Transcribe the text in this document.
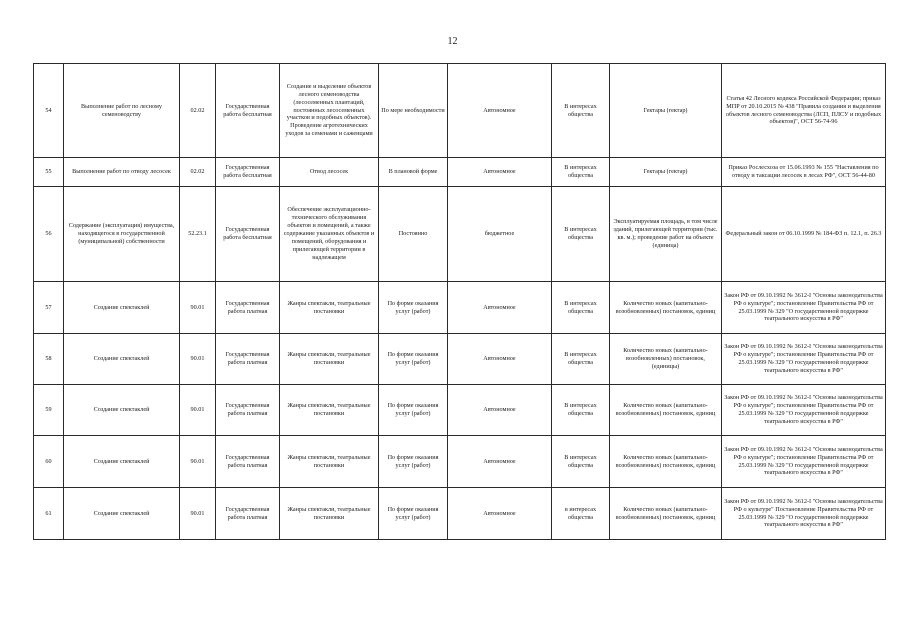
12
54	Выполнение работ по лесному семеноводству	02.02	Государственная работа бесплатная	Создание и выделение объектов лесного семеноводства (лесосеменных плантаций, постоянных лесосеменных участков и подобных объектов). Проведение агротехнических уходов за семенами и саженцами	По мере необходимости	Автономное	В интересах общества	Гектары (гектар)	Статья 42 Лесного кодекса Российской Федерации; приказ МПР от 20.10.2015 № 438 "Правила создания и выделения объектов лесного семеноводства (ЛСП, ПЛСУ и подобных объектов)", ОСТ 56-74-96
55	Выполнение работ по отводу лесосек	02.02	Государственная работа бесплатная	Отвод лесосек	В плановой форме	Автономное	В интересах общества	Гектары (гектар)	Приказ Рослесхоза от 15.06.1993 № 155 "Наставления по отводу и таксации лесосек в лесах РФ", ОСТ 56-44-80
56	Содержание (эксплуатация) имущества, находящегося в государственной (муниципальной) собственности	52.23.1	Государственная работа бесплатная	Обеспечение эксплуатационно-технического обслуживания объектов и помещений, а также содержание указанных объектов и помещений, оборудования и прилегающей территории в надлежащем	Постоянно	бюджетное	В интересах общества	Эксплуатируемая площадь, в том числе зданий, прилегающей территории (тыс. кв. м.); проведение работ на объекте (единица)	Федеральный закон от 06.10.1999 № 184-ФЗ п. 12.1, п. 26.3
57	Создание спектаклей	90.01	Государственная работа платная	Жанры спектакли, театральные постановки	По форме оказания услуг (работ)	Автономное	В интересах общества	Количество новых (капитально-возобновленных) постановок, единиц	Закон РФ от 09.10.1992 № 3612-I "Основы законодательства РФ о культуре"; постановление Правительства РФ от 25.03.1999 № 329 "О государственной поддержке театрального искусства в РФ"
58	Создание спектаклей	90.01	Государственная работа платная	Жанры спектакли, театральные постановки	По форме оказания услуг (работ)	Автономное	В интересах общества	Количество новых (капитально-возобновленных) постановок, (единицы)	Закон РФ от 09.10.1992 № 3612-I "Основы законодательства РФ о культуре"; постановление Правительства РФ от 25.03.1999 № 329 "О государственной поддержке театрального искусства в РФ"
59	Создание спектаклей	90.01	Государственная работа платная	Жанры спектакли, театральные постановки	По форме оказания услуг (работ)	Автономное	В интересах общества	Количество новых (капитально-возобновленных) постановок, единиц	Закон РФ от 09.10.1992 № 3612-I "Основы законодательства РФ о культуре"; постановление Правительства РФ от 25.03.1999 № 329 "О государственной поддержке театрального искусства в РФ"
60	Создание спектаклей	90.01	Государственная работа платная	Жанры спектакли, театральные постановки	По форме оказания услуг (работ)	Автономное	В интересах общества	Количество новых (капитально-возобновленных) постановок, единиц	Закон РФ от 09.10.1992 № 3612-I "Основы законодательства РФ о культуре"; постановление Правительства РФ от 25.03.1999 № 329 "О государственной поддержке театрального искусства в РФ"
61	Создание спектаклей	90.01	Государственная работа платная	Жанры спектакли, театральные постановки	По форме оказания услуг (работ)	Автономное	в интересах общества	Количество новых (капитально-возобновленных) постановок, единиц	Закон РФ от 09.10.1992 № 3612-I "Основы законодательства РФ о культуре" Постановление Правительства РФ от 25.03.1999 № 329 "О государственной поддержке театрального искусства в РФ"
